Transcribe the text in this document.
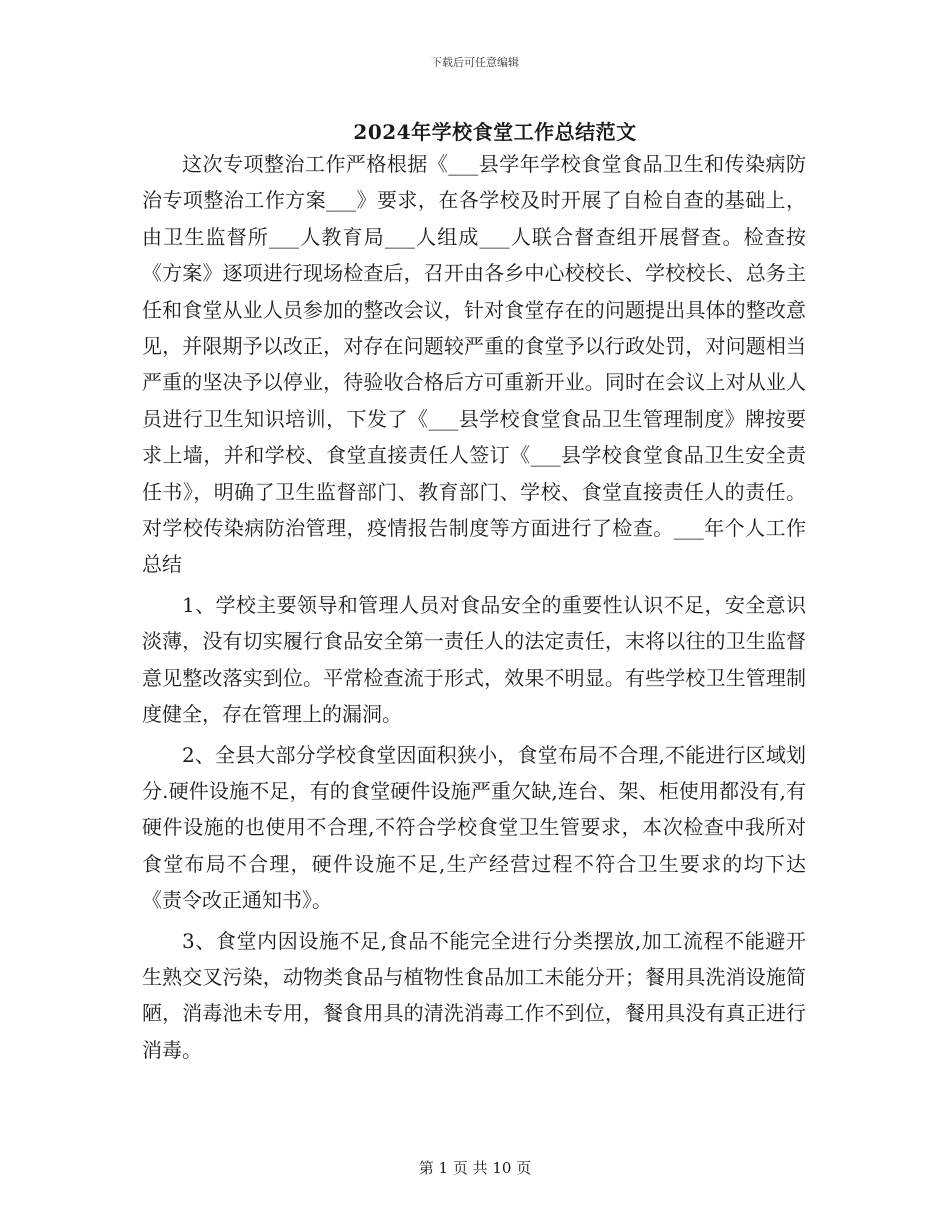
下载后可任意编辑
2024年学校食堂工作总结范文

这次专项整治工作严格根据《___县学年学校食堂食品卫生和传染病防治专项整治工作方案___》要求，在各学校及时开展了自检自查的基础上，由卫生监督所___人教育局___人组成___人联合督查组开展督查。检查按《方案》逐项进行现场检查后，召开由各乡中心校校长、学校校长、总务主任和食堂从业人员参加的整改会议，针对食堂存在的问题提出具体的整改意见，并限期予以改正，对存在问题较严重的食堂予以行政处罚，对问题相当严重的坚决予以停业，待验收合格后方可重新开业。同时在会议上对从业人员进行卫生知识培训，下发了《___县学校食堂食品卫生管理制度》牌按要求上墙，并和学校、食堂直接责任人签订《___县学校食堂食品卫生安全责任书》，明确了卫生监督部门、教育部门、学校、食堂直接责任人的责任。对学校传染病防治管理，疫情报告制度等方面进行了检查。___年个人工作总结

1、学校主要领导和管理人员对食品安全的重要性认识不足，安全意识淡薄，没有切实履行食品安全第一责任人的法定责任，末将以往的卫生监督意见整改落实到位。平常检查流于形式，效果不明显。有些学校卫生管理制度健全，存在管理上的漏洞。

2、全县大部分学校食堂因面积狭小，食堂布局不合理,不能进行区域划分.硬件设施不足，有的食堂硬件设施严重欠缺,连台、架、柜使用都没有,有硬件设施的也使用不合理,不符合学校食堂卫生管要求，本次检查中我所对食堂布局不合理，硬件设施不足,生产经营过程不符合卫生要求的均下达《责令改正通知书》。

3、食堂内因设施不足,食品不能完全进行分类摆放,加工流程不能避开生熟交叉污染，动物类食品与植物性食品加工未能分开；餐用具洗消设施简陋，消毒池未专用，餐食用具的清洗消毒工作不到位，餐用具没有真正进行消毒。

第 1 页 共 10 页
